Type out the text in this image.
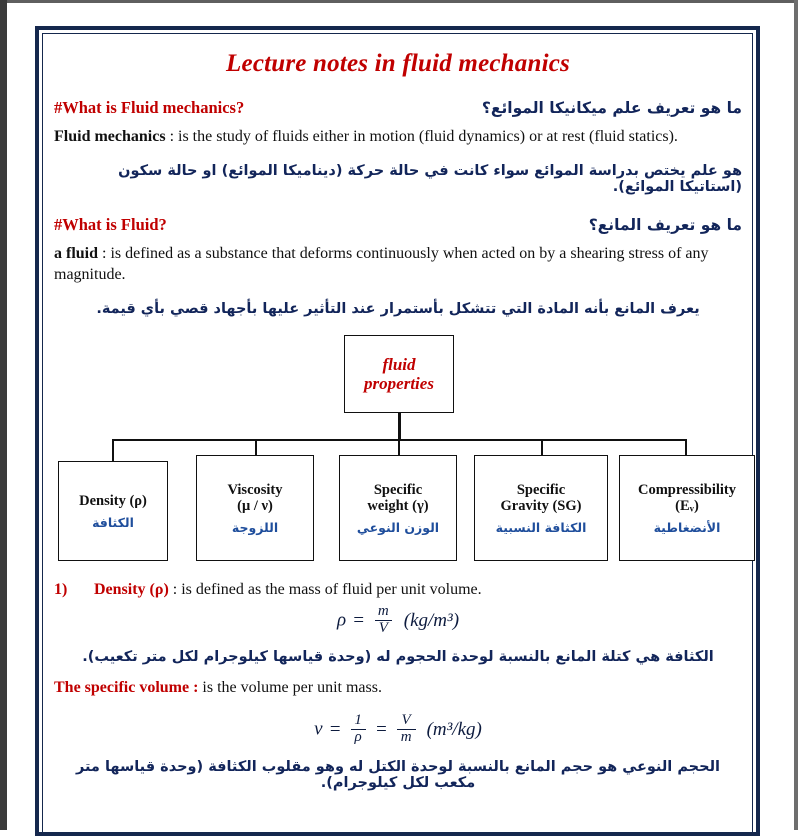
Lecture notes in fluid mechanics
#What is Fluid mechanics?	ما هو تعريف علم ميكانيكا الموائع؟

Fluid mechanics : is the study of fluids either in motion (fluid dynamics) or at rest (fluid statics).

هو علم يختص بدراسة الموائع سواء كانت في حالة حركة (ديناميكا الموائع) او حالة سكون (استاتيكا الموائع).
#What is Fluid?	ما هو تعريف المانع؟

a fluid : is defined as a substance that deforms continuously when acted on by a shearing stress of any magnitude.

يعرف المانع بأنه المادة التي تتشكل بأستمرار عند التأثير عليها بأجهاد قصي بأي قيمة.
fluid
properties
Density (ρ)
الكثافة
Viscosity
(μ / ν)
اللزوجة
Specific
weight (γ)
الوزن النوعي
Specific
Gravity (SG)
الكثافة النسبية
Compressibility
(Eᵥ)
الأنضغاطية
1)	Density (ρ) : is defined as the mass of fluid per unit volume.
$\rho = \frac{m}{V} (kg/m^3)$
الكثافة هي كتلة المانع بالنسبة لوحدة الحجوم له (وحدة قياسها كيلوجرام لكل متر تكعيب).

The specific volume : is the volume per unit mass.

$v = \frac{1}{\rho} = \frac{V}{m} (m^3/kg)$
الحجم النوعي هو حجم المانع بالنسبة لوحدة الكتل له وهو مقلوب الكثافة (وحدة قياسها متر مكعب لكل كيلوجرام).
